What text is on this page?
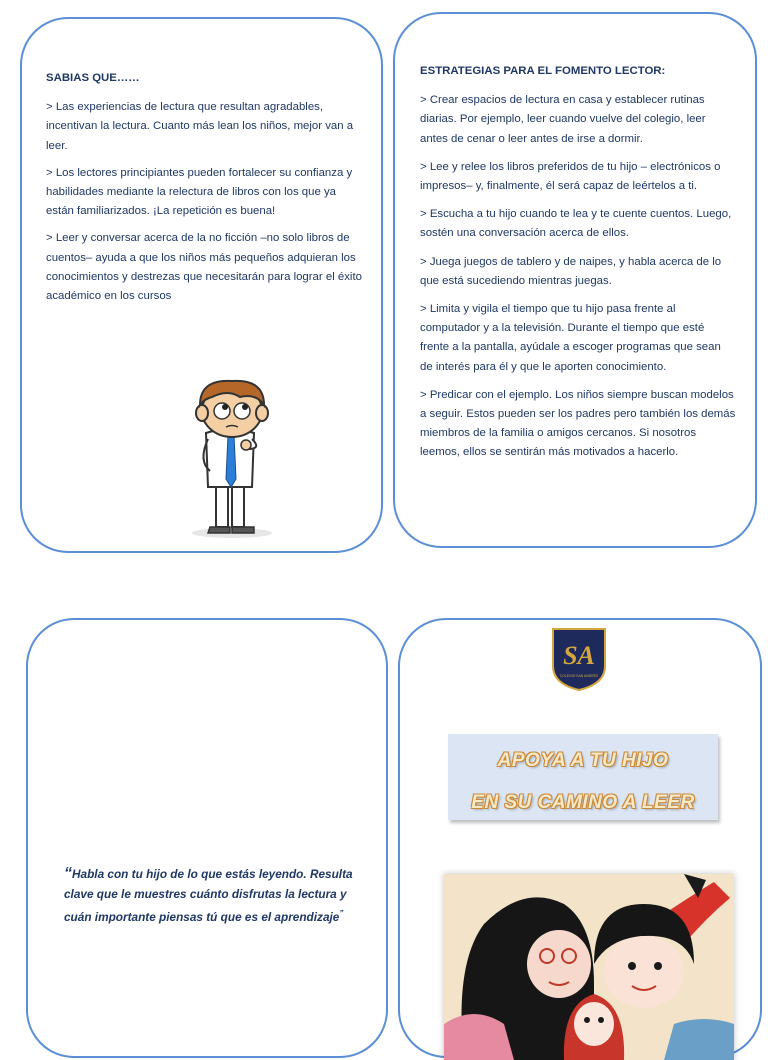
SABIAS QUE……

> Las experiencias de lectura que resultan agradables, incentivan la lectura. Cuanto más lean los niños, mejor van a leer.

> Los lectores principiantes pueden fortalecer su confianza y habilidades mediante la relectura de libros con los que ya están familiarizados. ¡La repetición es buena!

> Leer y conversar acerca de la no ficción –no solo libros de cuentos– ayuda a que los niños más pequeños adquieran los conocimientos y destrezas que necesitarán para lograr el éxito académico en los cursos

ESTRATEGIAS PARA EL FOMENTO LECTOR:

> Crear espacios de lectura en casa y establecer rutinas diarias. Por ejemplo, leer cuando vuelve del colegio, leer antes de cenar o leer antes de irse a dormir.

> Lee y relee los libros preferidos de tu hijo – electrónicos o impresos– y, finalmente, él será capaz de leértelos a ti.

> Escucha a tu hijo cuando te lea y te cuente cuentos. Luego, sostén una conversación acerca de ellos.

> Juega juegos de tablero y de naipes, y habla acerca de lo que está sucediendo mientras juegas.

> Limita y vigila el tiempo que tu hijo pasa frente al computador y a la televisión. Durante el tiempo que esté frente a la pantalla, ayúdale a escoger programas que sean de interés para él y que le aporten conocimiento.

> Predicar con el ejemplo. Los niños siempre buscan modelos a seguir. Estos pueden ser los padres pero también los demás miembros de la familia o amigos cercanos. Si nosotros leemos, ellos se sentirán más motivados a hacerlo.

“Habla con tu hijo de lo que estás leyendo. Resulta clave que le muestres cuánto disfrutas la lectura y cuán importante piensas tú que es el aprendizaje”

SA
COLEGIO SAN ANDRÉS
APOYA A TU HIJO
EN SU CAMINO A LEER
